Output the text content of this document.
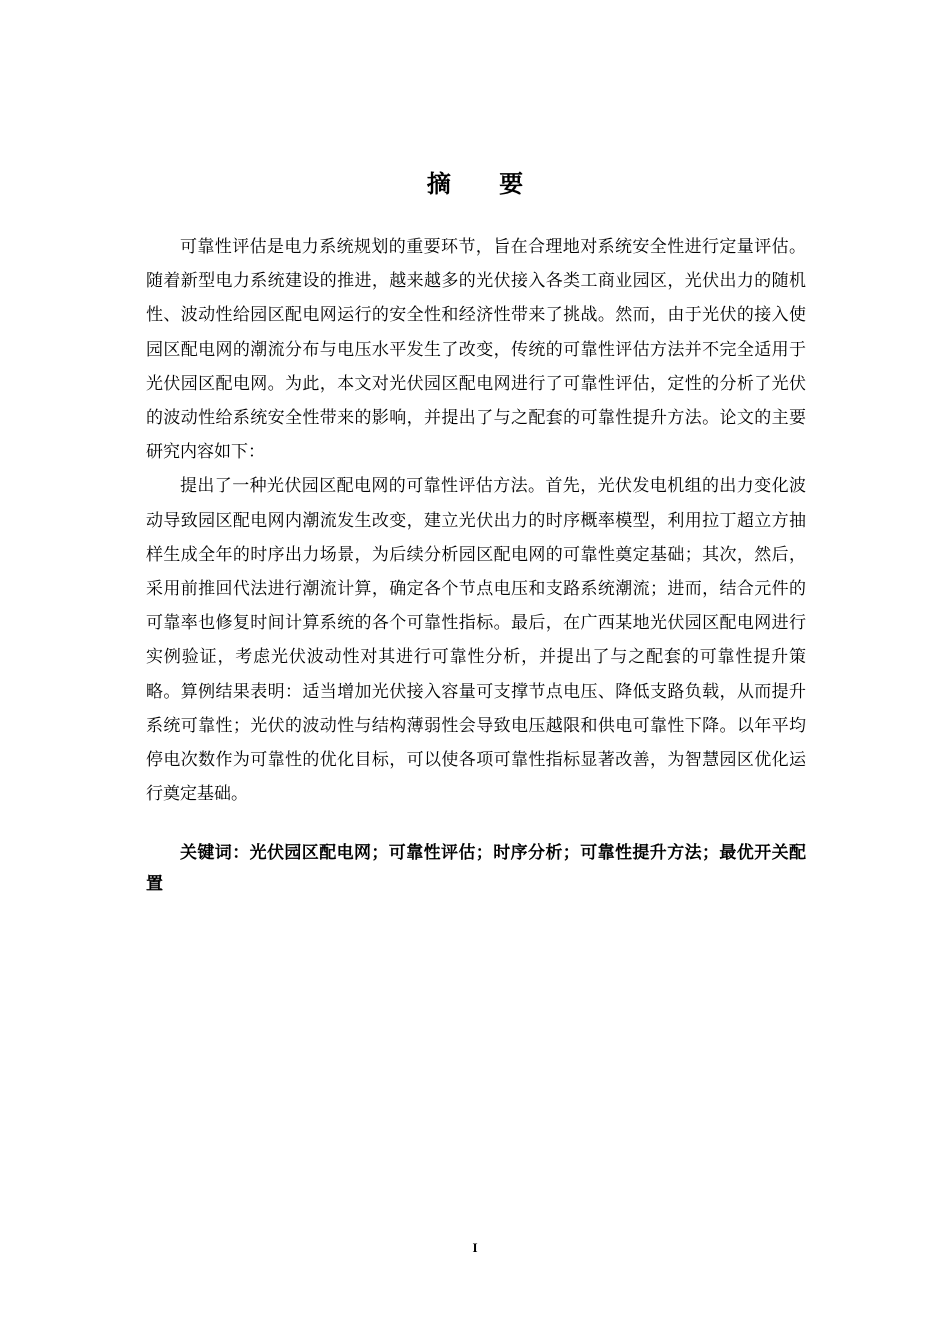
摘 要

可靠性评估是电力系统规划的重要环节，旨在合理地对系统安全性进行定量评估。随着新型电力系统建设的推进，越来越多的光伏接入各类工商业园区，光伏出力的随机性、波动性给园区配电网运行的安全性和经济性带来了挑战。然而，由于光伏的接入使园区配电网的潮流分布与电压水平发生了改变，传统的可靠性评估方法并不完全适用于光伏园区配电网。为此，本文对光伏园区配电网进行了可靠性评估，定性的分析了光伏的波动性给系统安全性带来的影响，并提出了与之配套的可靠性提升方法。论文的主要研究内容如下：

提出了一种光伏园区配电网的可靠性评估方法。首先，光伏发电机组的出力变化波动导致园区配电网内潮流发生改变，建立光伏出力的时序概率模型，利用拉丁超立方抽样生成全年的时序出力场景，为后续分析园区配电网的可靠性奠定基础；其次，然后，采用前推回代法进行潮流计算，确定各个节点电压和支路系统潮流；进而，结合元件的可靠率也修复时间计算系统的各个可靠性指标。最后，在广西某地光伏园区配电网进行实例验证，考虑光伏波动性对其进行可靠性分析，并提出了与之配套的可靠性提升策略。算例结果表明：适当增加光伏接入容量可支撑节点电压、降低支路负载，从而提升系统可靠性；光伏的波动性与结构薄弱性会导致电压越限和供电可靠性下降。以年平均停电次数作为可靠性的优化目标，可以使各项可靠性指标显著改善，为智慧园区优化运行奠定基础。

关键词：光伏园区配电网；可靠性评估；时序分析；可靠性提升方法；最优开关配置
I
